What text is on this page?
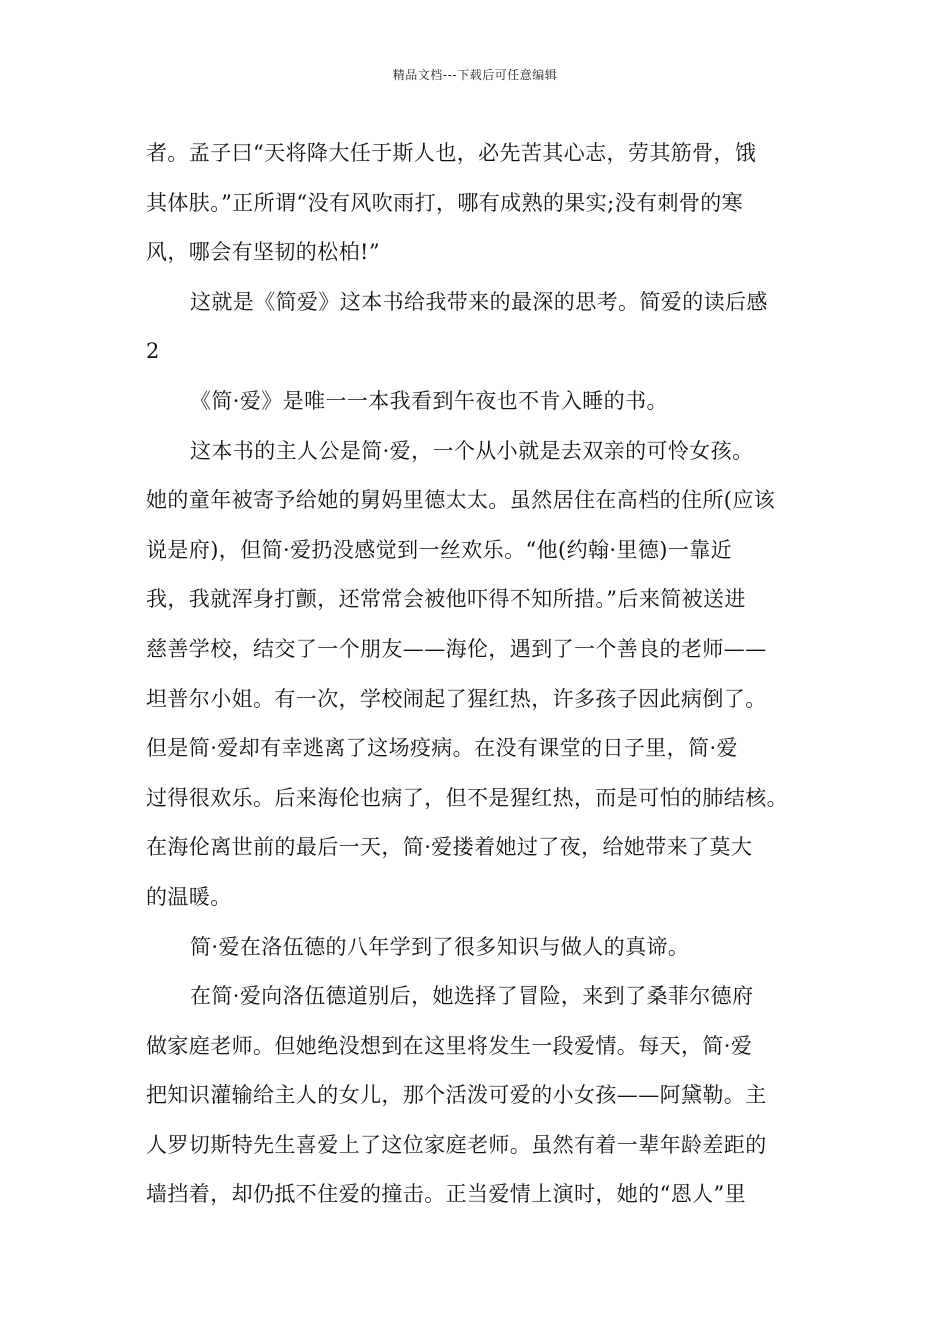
精品文档---下载后可任意编辑
者。孟子曰“天将降大任于斯人也，必先苦其心志，劳其筋骨，饿
其体肤。”正所谓“没有风吹雨打，哪有成熟的果实;没有刺骨的寒
风，哪会有坚韧的松柏!”
这就是《简爱》这本书给我带来的最深的思考。简爱的读后感
2
《简·爱》是唯一一本我看到午夜也不肯入睡的书。
这本书的主人公是简·爱，一个从小就是去双亲的可怜女孩。
她的童年被寄予给她的舅妈里德太太。虽然居住在高档的住所(应该
说是府)，但简·爱扔没感觉到一丝欢乐。“他(约翰·里德)一靠近
我，我就浑身打颤，还常常会被他吓得不知所措。”后来简被送进
慈善学校，结交了一个朋友——海伦，遇到了一个善良的老师——
坦普尔小姐。有一次，学校闹起了猩红热，许多孩子因此病倒了。
但是简·爱却有幸逃离了这场疫病。在没有课堂的日子里，简·爱
过得很欢乐。后来海伦也病了，但不是猩红热，而是可怕的肺结核。
在海伦离世前的最后一天，简·爱搂着她过了夜，给她带来了莫大
的温暖。
简·爱在洛伍德的八年学到了很多知识与做人的真谛。
在简·爱向洛伍德道别后，她选择了冒险，来到了桑菲尔德府
做家庭老师。但她绝没想到在这里将发生一段爱情。每天，简·爱
把知识灌输给主人的女儿，那个活泼可爱的小女孩——阿黛勒。主
人罗切斯特先生喜爱上了这位家庭老师。虽然有着一辈年龄差距的
墙挡着，却仍抵不住爱的撞击。正当爱情上演时，她的“恩人”里
